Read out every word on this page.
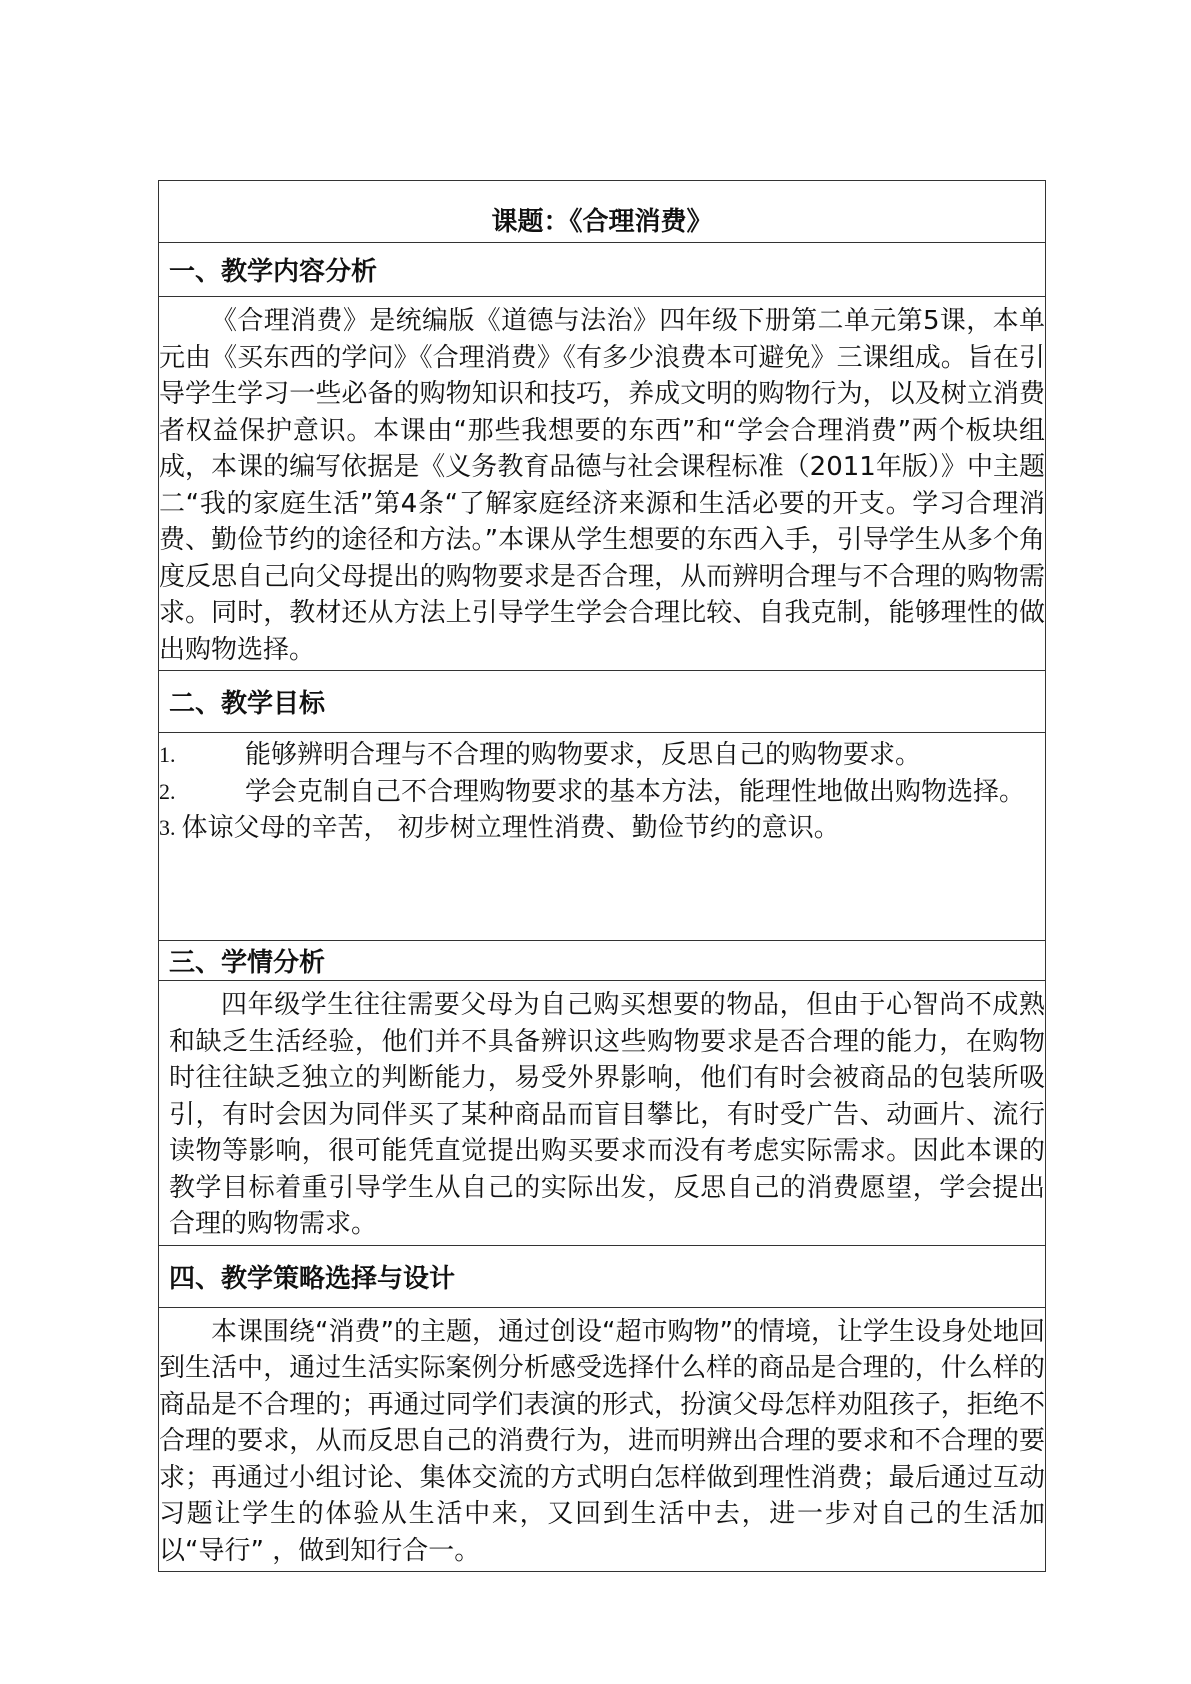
课题：《合理消费》
一、教学内容分析

《合理消费》是统编版《道德与法治》四年级下册第二单元第5课，本单元由《买东西的学问》《合理消费》《有多少浪费本可避免》三课组成。旨在引导学生学习一些必备的购物知识和技巧，养成文明的购物行为，以及树立消费者权益保护意识。本课由“那些我想要的东西”和“学会合理消费”两个板块组成，本课的编写依据是《义务教育品德与社会课程标准（2011年版）》中主题二“我的家庭生活”第4条“了解家庭经济来源和生活必要的开支。学习合理消费、勤俭节约的途径和方法。”本课从学生想要的东西入手，引导学生从多个角度反思自己向父母提出的购物要求是否合理，从而辨明合理与不合理的购物需求。同时，教材还从方法上引导学生学会合理比较、自我克制，能够理性的做出购物选择。

二、教学目标
1.	能够辨明合理与不合理的购物要求，反思自己的购物要求。
2.	学会克制自己不合理购物要求的基本方法，能理性地做出购物选择。
3. 体谅父母的辛苦， 初步树立理性消费、勤俭节约的意识。
三、学情分析

四年级学生往往需要父母为自己购买想要的物品，但由于心智尚不成熟和缺乏生活经验，他们并不具备辨识这些购物要求是否合理的能力，在购物时往往缺乏独立的判断能力，易受外界影响，他们有时会被商品的包装所吸引，有时会因为同伴买了某种商品而盲目攀比，有时受广告、动画片、流行读物等影响，很可能凭直觉提出购买要求而没有考虑实际需求。因此本课的教学目标着重引导学生从自己的实际出发，反思自己的消费愿望，学会提出合理的购物需求。

四、教学策略选择与设计

本课围绕“消费”的主题，通过创设“超市购物”的情境，让学生设身处地回到生活中，通过生活实际案例分析感受选择什么样的商品是合理的，什么样的商品是不合理的；再通过同学们表演的形式，扮演父母怎样劝阻孩子，拒绝不合理的要求，从而反思自己的消费行为，进而明辨出合理的要求和不合理的要求；再通过小组讨论、集体交流的方式明白怎样做到理性消费；最后通过互动习题让学生的体验从生活中来，又回到生活中去，进一步对自己的生活加以“导行” ，做到知行合一。
